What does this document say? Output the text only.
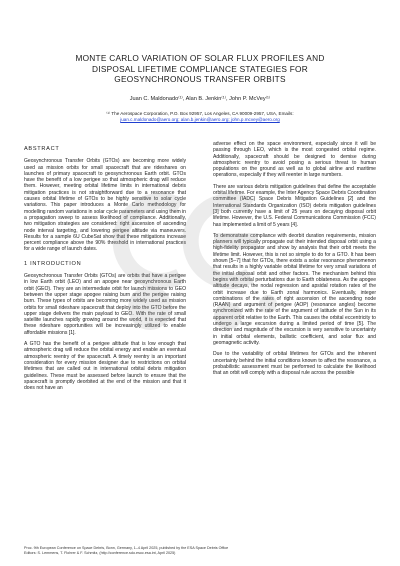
MONTE CARLO VARIATION OF SOLAR FLUX PROFILES AND
DISPOSAL LIFETIME COMPLIANCE STATEGIES FOR
GEOSYNCHRONOUS TRANSFER ORBITS
Juan C. Maldonado⁽¹⁾, Alan B. Jenkin⁽¹⁾, John P. McVey⁽¹⁾
⁽¹⁾ The Aerospace Corporation, P.O. Box 92957, Los Angeles, CA 90009-2957, USA, Emails:
juan.c.maldonado@aero.org; alan.b.jenkin@aero.org; john.p.mcvey@aero.org
ABSTRACT

Geosynchronous Transfer Orbits (GTOs) are becoming more widely used as mission orbits for small spacecraft that are rideshares on launches of primary spacecraft to geosynchronous Earth orbit. GTOs have the benefit of a low perigee so that atmospheric drag will reduce them. However, meeting orbital lifetime limits in international debris mitigation practices is not straightforward due to a resonance that causes orbital lifetime of GTOs to be highly sensitive to solar cycle variations. This paper introduces a Monte Carlo methodology for modelling random variations in solar cycle parameters and using them in a propagation sweep to assess likelihood of compliance. Additionally, two mitigation strategies are considered: right ascension of ascending node interval targeting, and lowering perigee altitude via maneuvers. Results for a sample 6U CubeSat show that these mitigations increase percent compliance above the 90% threshold in international practices for a wide range of launch dates.

1 INTRODUCTION

Geosynchronous Transfer Orbits (GTOs) are orbits that have a perigee in low Earth orbit (LEO) and an apogee near geosynchronous Earth orbit (GEO). They are an intermediate orbit for launch missions to GEO between the upper stage apogee raising burn and the perigee raising burn. These types of orbits are becoming more widely used as mission orbits for small rideshare spacecraft that deploy into the GTO before the upper stage delivers the main payload to GEO. With the rate of small satellite launches rapidly growing around the world, it is expected that these rideshare opportunities will be increasingly utilized to enable affordable missions [1].

A GTO has the benefit of a perigee altitude that is low enough that atmospheric drag will reduce the orbital energy and enable an eventual atmospheric reentry of the spacecraft. A timely reentry is an important consideration for every mission designer due to restrictions on orbital lifetimes that are called out in international orbital debris mitigation guidelines. These must be assessed before launch to ensure that the spacecraft is promptly deorbited at the end of the mission and that it does not have an

adverse effect on the space environment, especially since it will be passing through LEO, which is the most congested orbital regime. Additionally, spacecraft should be designed to demise during atmospheric reentry to avoid posing a serious threat to human populations on the ground as well as to global airline and maritime operations, especially if they will reenter in large numbers.

There are various debris mitigation guidelines that define the acceptable orbital lifetime. For example, the Inter Agency Space Debris Coordination committee (IADC) Space Debris Mitigation Guidelines [2] and the International Standards Organization (ISO) debris mitigation guidelines [3] both currently have a limit of 25 years on decaying disposal orbit lifetime. However, the U.S. Federal Communications Commission (FCC) has implemented a limit of 5 years [4].

To demonstrate compliance with deorbit duration requirements, mission planners will typically propagate out their intended disposal orbit using a high-fidelity propagator and show by analysis that their orbit meets the lifetime limit. However, this is not so simple to do for a GTO. It has been shown [5–7] that for GTOs, there exists a solar resonance phenomenon that results in a highly variable orbital lifetime for very small variations of the initial disposal orbit and other factors. The mechanism behind this begins with orbital perturbations due to Earth oblateness. As the apogee altitude decays, the nodal regression and apsidal rotation rates of the orbit increase due to Earth zonal harmonics. Eventually, integer combinations of the rates of right ascension of the ascending node (RAAN) and argument of perigee (AOP) (resonance angles) become synchronized with the rate of the argument of latitude of the Sun in its apparent orbit relative to the Earth. This causes the orbital eccentricity to undergo a large excursion during a limited period of time [5]. The direction and magnitude of the excursion is very sensitive to uncertainty in initial orbital elements, ballistic coefficient, and solar flux and geomagnetic activity.

Due to the variability of orbital lifetimes for GTOs and the inherent uncertainty behind the initial conditions known to affect the resonance, a probabilistic assessment must be performed to calculate the likelihood that an orbit will comply with a disposal rule across the possible

Proc. 9th European Conference on Space Debris, Bonn, Germany, 1–4 April 2025, published by the ESA Space Debris Office
Editors: S. Lemmens, T. Flohrer & F. Schmitz, (http://conference.sdo.esoc.esa.int, April 2025)
